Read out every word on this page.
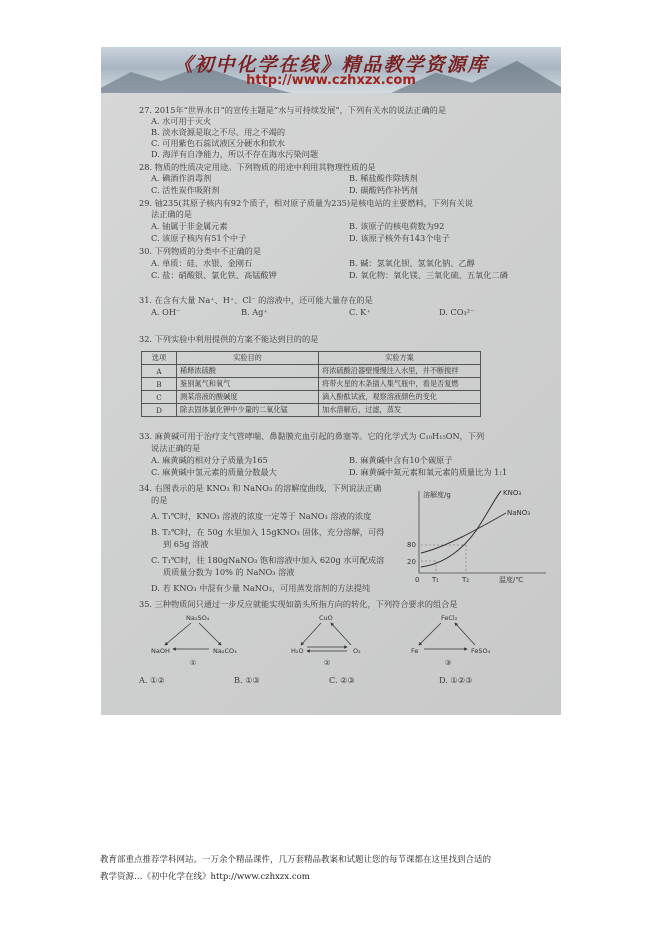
《初中化学在线》精品教学资源库
http://www.czhxzx.com
27. 2015年“世界水日”的宣传主题是“水与可持续发展”，下列有关水的说法正确的是
A. 水可用于灭火
B. 淡水资源是取之不尽、用之不竭的
C. 可用紫色石蕊试液区分硬水和软水
D. 海洋有自净能力，所以不存在海水污染问题
28. 物质的性质决定用途。下列物质的用途中利用其物理性质的是
A. 碘酒作消毒剂	B. 稀盐酸作除锈剂
C. 活性炭作吸附剂	D. 碳酸钙作补钙剂
29. 铀235(其原子核内有92个质子，相对原子质量为235)是核电站的主要燃料，下列有关说
法正确的是
A. 铀属于非金属元素	B. 该原子的核电荷数为92
C. 该原子核内有51个中子	D. 该原子核外有143个电子
30. 下列物质的分类中不正确的是
A. 单质：硅、水银、金刚石	B. 碱：氢氧化钡、氢氧化钠、乙醇
C. 盐：硝酸银、氯化铁、高锰酸钾	D. 氧化物：氧化镁、三氧化硫、五氧化二磷
31. 在含有大量 Na⁺、H⁺、Cl⁻ 的溶液中，还可能大量存在的是
A. OH⁻	B. Ag⁺	C. K⁺	D. CO₃²⁻
32. 下列实验中利用提供的方案不能达到目的的是
选项	实验目的	实验方案
A	稀释浓硫酸	将浓硫酸沿器壁慢慢注入水里，并不断搅拌
B	鉴别氮气和氧气	将带火星的木条插入集气瓶中，看是否复燃
C	测某溶液的酸碱度	滴入酚酞试液，观察溶液颜色的变化
D	除去固体氯化钾中少量的二氧化锰	加水溶解后，过滤，蒸发
33. 麻黄碱可用于治疗支气管哮喘、鼻黏膜充血引起的鼻塞等。它的化学式为 C₁₀H₁₅ON，下列
说法正确的是
A. 麻黄碱的相对分子质量为165	B. 麻黄碱中含有10个碳原子
C. 麻黄碱中氢元素的质量分数最大	D. 麻黄碱中氮元素和氧元素的质量比为 1:1
34. 右图表示的是 KNO₃ 和 NaNO₃ 的溶解度曲线，下列说法正确
的是
A. T₁℃时，KNO₃ 溶液的浓度一定等于 NaNO₃ 溶液的浓度
B. T₂℃时，在 50g 水里加入 15gKNO₃ 固体，充分溶解，可得
到 65g 溶液
C. T₁℃时，往 180gNaNO₃ 饱和溶液中加入 620g 水可配成溶
质质量分数为 10% 的 NaNO₃ 溶液
D. 若 KNO₃ 中混有少量 NaNO₃，可用蒸发溶剂的方法提纯
溶解度/g	KNO₃
NaNO₃
80
20
0 T₁	T₂	温度/℃
35. 三种物质间只通过一步反应就能实现如箭头所指方向的转化，下列符合要求的组合是
Na₂SO₄
NaOH	Na₂CO₃
①
CuO
H₂O	O₂
②
FeCl₂
Fe	FeSO₄
③
A. ①②	B. ①③	C. ②③	D. ①②③
教育部重点推荐学科网站。一万余个精品课件，几万套精品教案和试题让您的每节课都在这里找到合适的
教学资源…《初中化学在线》http://www.czhxzx.com
